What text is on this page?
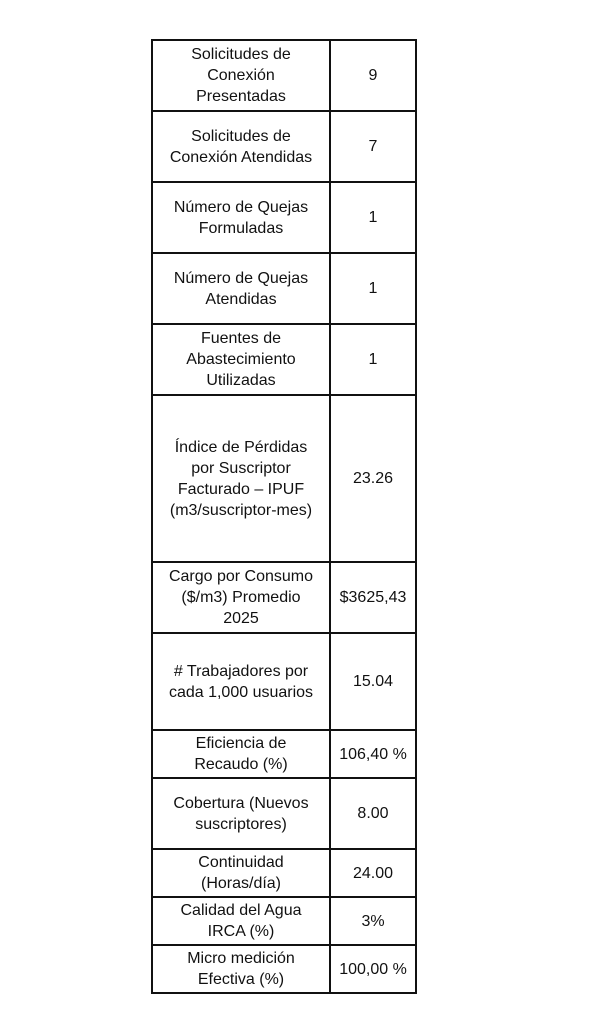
Solicitudes de
Conexión
Presentadas	9
Solicitudes de
Conexión Atendidas	7
Número de Quejas
Formuladas	1
Número de Quejas
Atendidas	1
Fuentes de
Abastecimiento
Utilizadas	1
Índice de Pérdidas
por Suscriptor
Facturado – IPUF
(m3/suscriptor-mes)	23.26
Cargo por Consumo
($/m3) Promedio
2025	$3625,43
# Trabajadores por
cada 1,000 usuarios	15.04
Eficiencia de
Recaudo (%)	106,40 %
Cobertura (Nuevos
suscriptores)	8.00
Continuidad
(Horas/día)	24.00
Calidad del Agua
IRCA (%)	3%
Micro medición
Efectiva (%)	100,00 %
